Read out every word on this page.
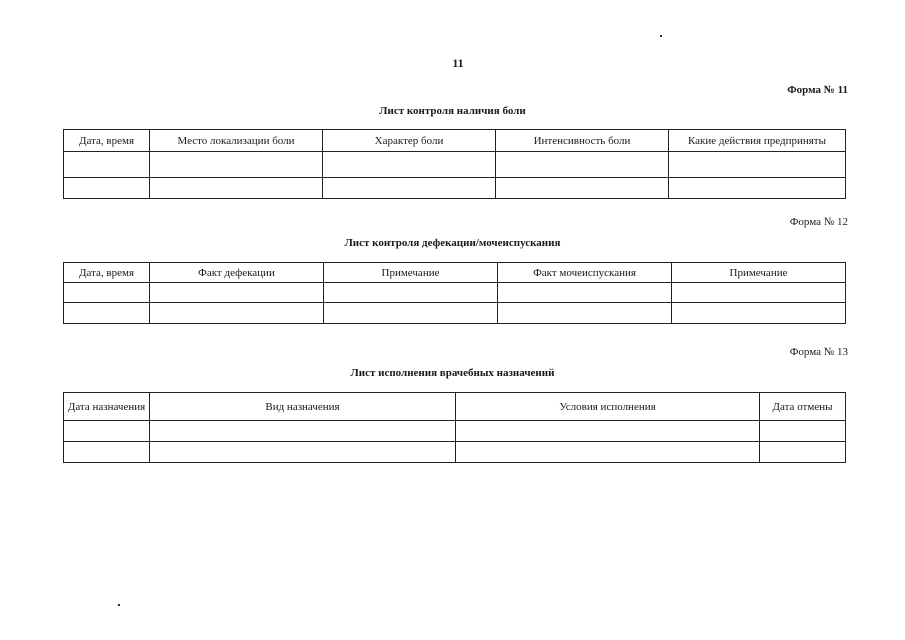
11
Форма № 11
Лист контроля наличия боли
Дата, время	Место локализации боли	Характер боли	Интенсивность боли	Какие действия предприняты

Форма № 12
Лист контроля дефекации/мочеиспускания
Дата, время	Факт дефекации	Примечание	Факт мочеиспускания	Примечание

Форма № 13
Лист исполнения врачебных назначений
Дата назначения	Вид назначения	Условия исполнения	Дата отмены
